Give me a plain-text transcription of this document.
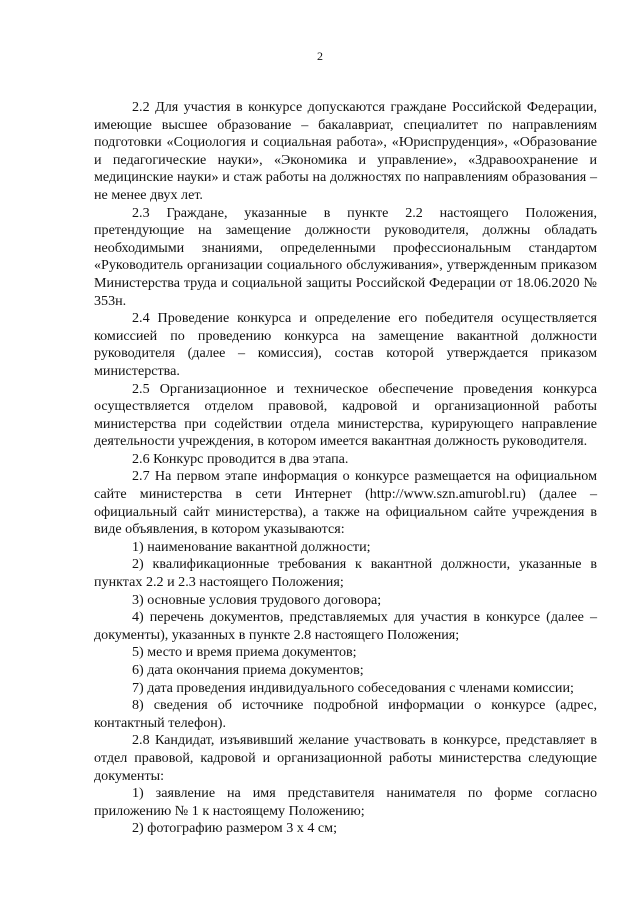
2

2.2 Для участия в конкурсе допускаются граждане Российской Федерации, имеющие высшее образование – бакалавриат, специалитет по направлениям подготовки «Социология и социальная работа», «Юриспруденция», «Образование и педагогические науки», «Экономика и управление», «Здравоохранение и медицинские науки» и стаж работы на должностях по направлениям образования – не менее двух лет.

2.3 Граждане, указанные в пункте 2.2 настоящего Положения, претендующие на замещение должности руководителя, должны обладать необходимыми знаниями, определенными профессиональным стандартом «Руководитель организации социального обслуживания», утвержденным приказом Министерства труда и социальной защиты Российской Федерации от 18.06.2020 № 353н.

2.4 Проведение конкурса и определение его победителя осуществляется комиссией по проведению конкурса на замещение вакантной должности руководителя (далее – комиссия), состав которой утверждается приказом министерства.

2.5 Организационное и техническое обеспечение проведения конкурса осуществляется отделом правовой, кадровой и организационной работы министерства при содействии отдела министерства, курирующего направление деятельности учреждения, в котором имеется вакантная должность руководителя.

2.6 Конкурс проводится в два этапа.

2.7 На первом этапе информация о конкурсе размещается на официальном сайте министерства в сети Интернет (http://www.szn.amurobl.ru) (далее – официальный сайт министерства), а также на официальном сайте учреждения в виде объявления, в котором указываются:

1) наименование вакантной должности;

2) квалификационные требования к вакантной должности, указанные в пунктах 2.2 и 2.3 настоящего Положения;

3) основные условия трудового договора;

4) перечень документов, представляемых для участия в конкурсе (далее – документы), указанных в пункте 2.8 настоящего Положения;

5) место и время приема документов;

6) дата окончания приема документов;

7) дата проведения индивидуального собеседования с членами комиссии;

8) сведения об источнике подробной информации о конкурсе (адрес, контактный телефон).

2.8 Кандидат, изъявивший желание участвовать в конкурсе, представляет в отдел правовой, кадровой и организационной работы министерства следующие документы:

1) заявление на имя представителя нанимателя по форме согласно приложению № 1 к настоящему Положению;

2) фотографию размером 3 х 4 см;
